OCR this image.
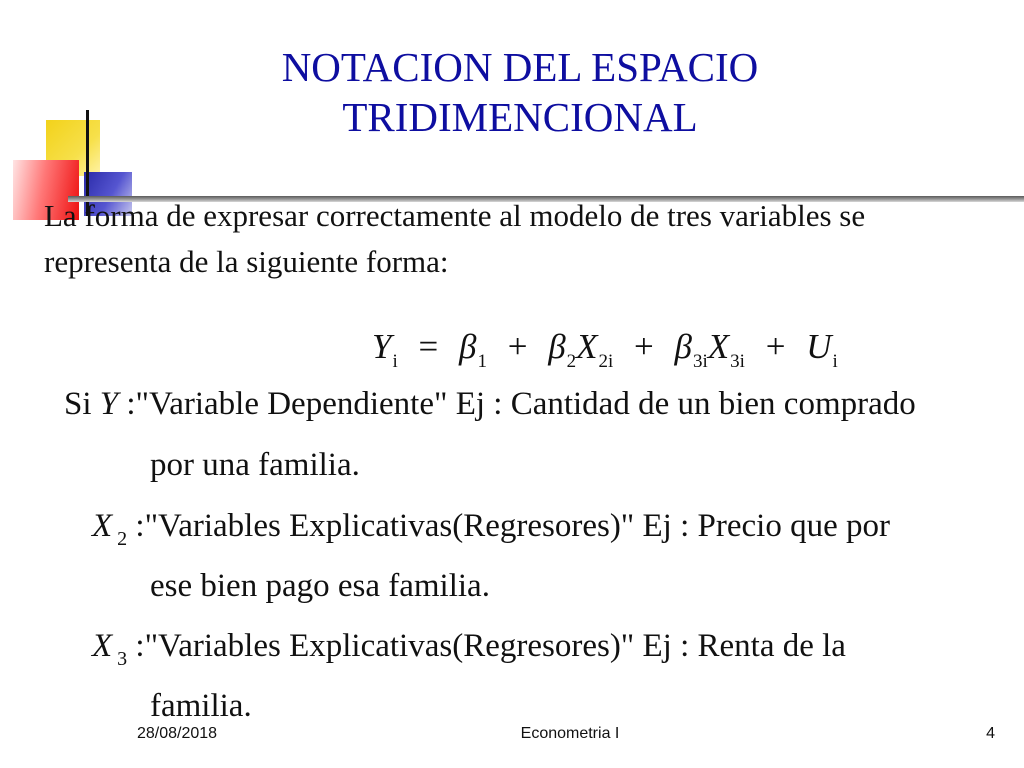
NOTACION DEL ESPACIO
TRIDIMENCIONAL
La forma de expresar correctamente al modelo de tres variables se representa de la siguiente forma:
$Y_i = \beta_1 + \beta_2X_{2i} + \beta_{3i}X_{3i} + U_i$
Si Y :"Variable Dependiente" Ej : Cantidad de un bien comprado
por una familia.
X $_2$ :"Variables Explicativas(Regresores)" Ej : Precio que por
ese bien pago esa familia.
X $_3$ :"Variables Explicativas(Regresores)" Ej : Renta de la
familia.
28/08/2018	Econometria I	4
